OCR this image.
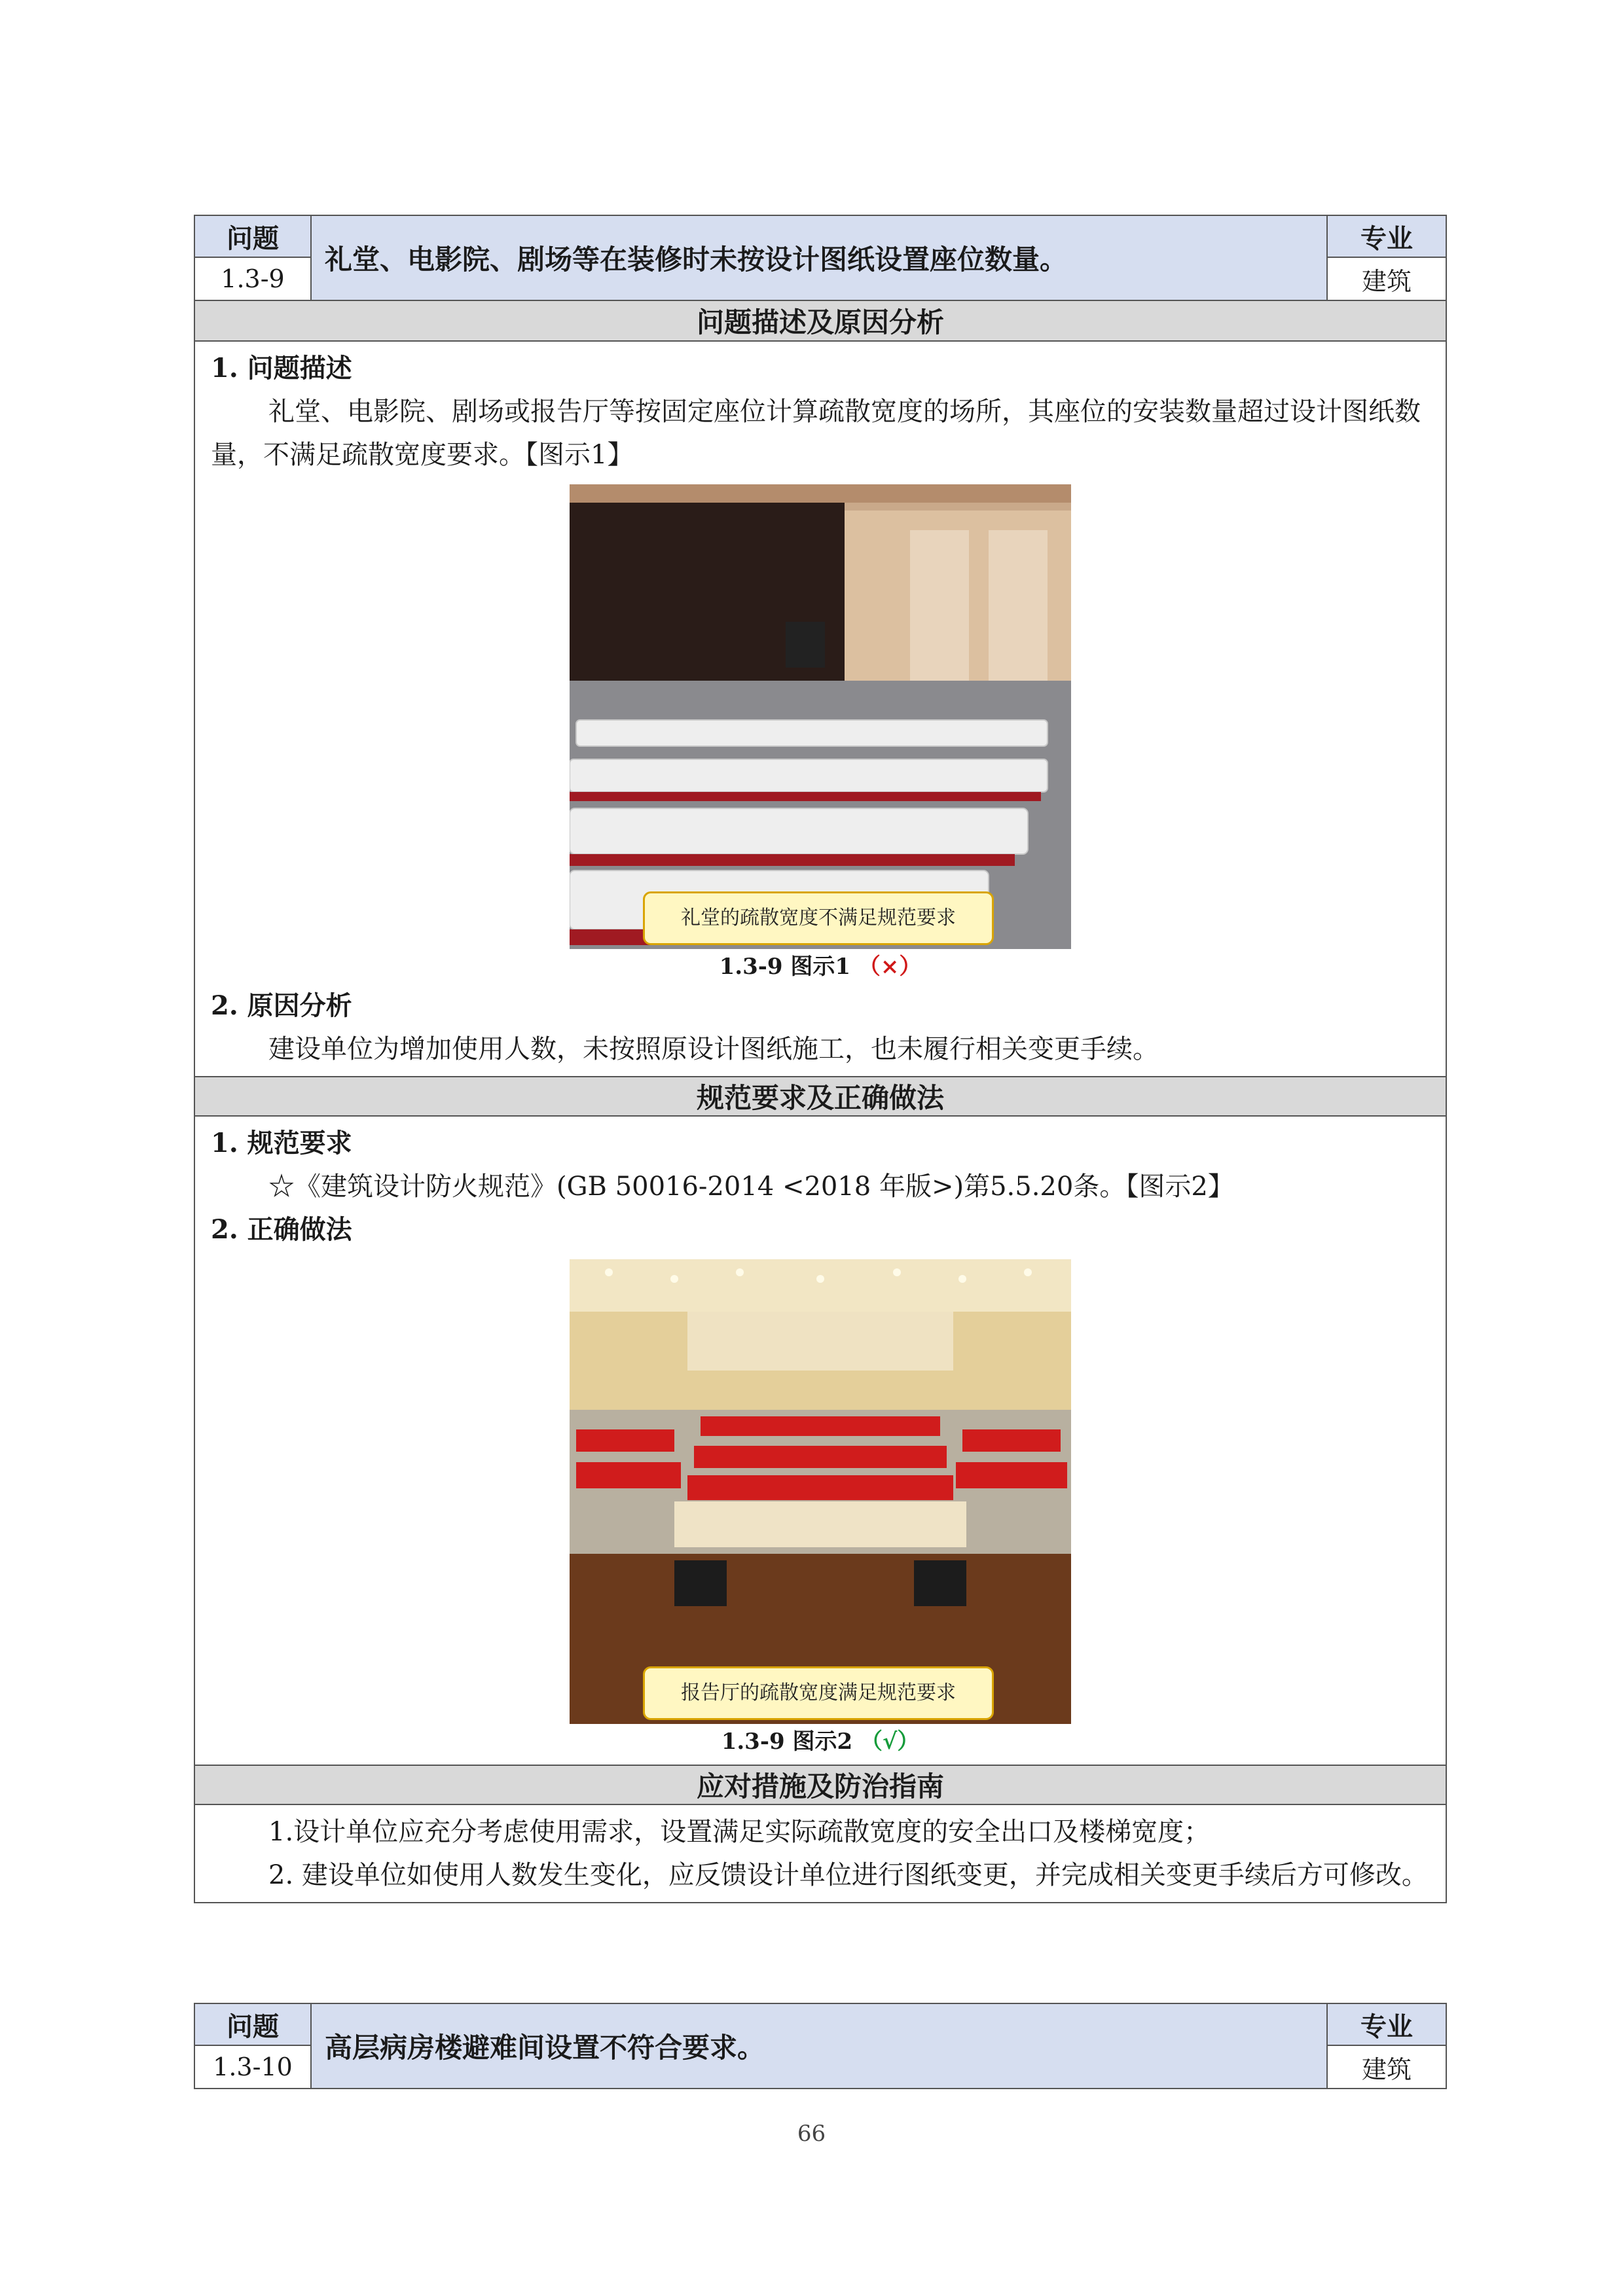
问题
1.3-9
礼堂、电影院、剧场等在装修时未按设计图纸设置座位数量。
专业
建筑
问题描述及原因分析
1. 问题描述
礼堂、电影院、剧场或报告厅等按固定座位计算疏散宽度的场所，其座位的安装数量超过设计图纸数量，不满足疏散宽度要求。【图示1】
礼堂的疏散宽度不满足规范要求
1.3-9 图示1 （×）
2. 原因分析
建设单位为增加使用人数，未按照原设计图纸施工，也未履行相关变更手续。
规范要求及正确做法
1. 规范要求
☆《建筑设计防火规范》(GB 50016-2014 <2018 年版>)第5.5.20条。【图示2】
2. 正确做法
报告厅的疏散宽度满足规范要求
1.3-9 图示2 （√）
应对措施及防治指南
1.设计单位应充分考虑使用需求，设置满足实际疏散宽度的安全出口及楼梯宽度；
2. 建设单位如使用人数发生变化，应反馈设计单位进行图纸变更，并完成相关变更手续后方可修改。
问题
1.3-10
高层病房楼避难间设置不符合要求。
专业
建筑
66
